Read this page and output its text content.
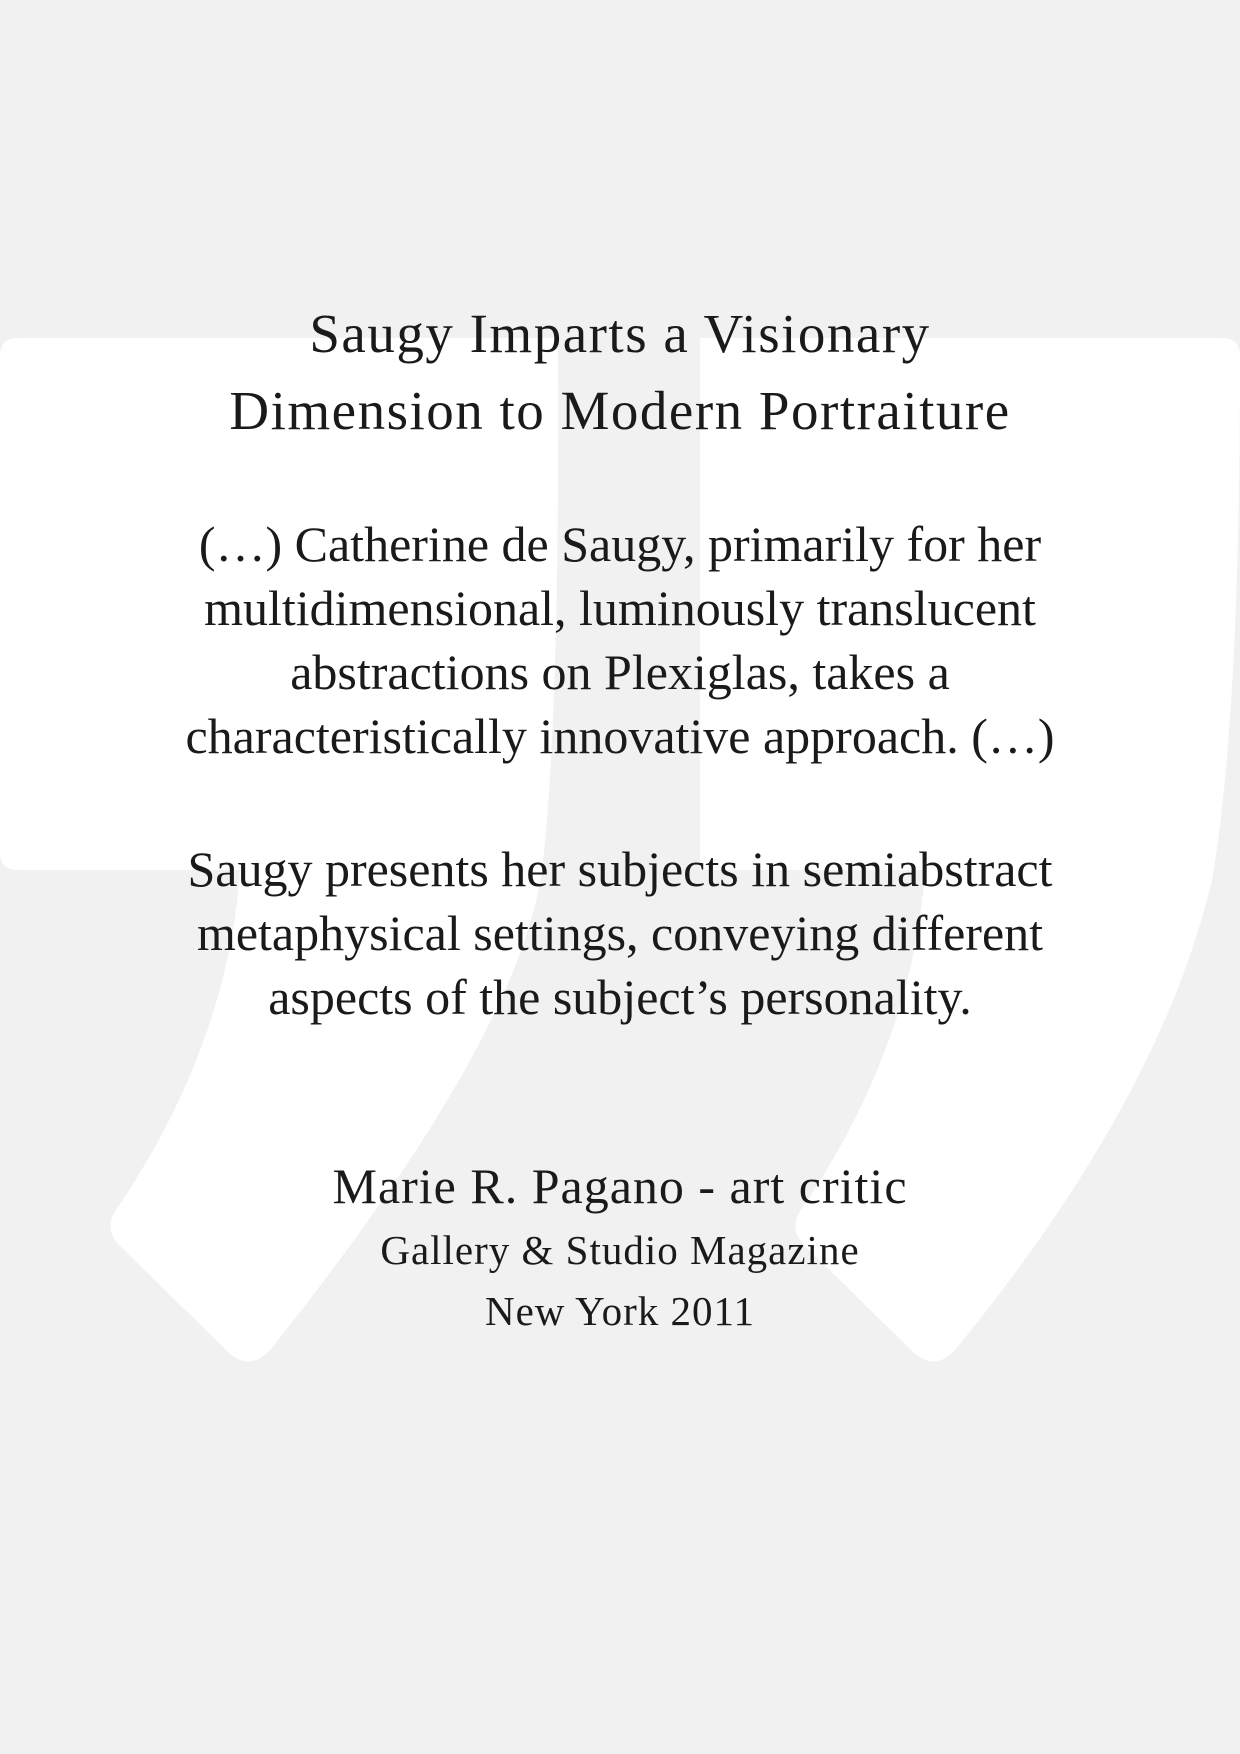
Saugy Imparts a Visionary
Dimension to Modern Portraiture
(…) Catherine de Saugy, primarily for her
multidimensional, luminously translucent
abstractions on Plexiglas, takes a
characteristically innovative approach. (…)
Saugy presents her subjects in semiabstract
metaphysical settings, conveying different
aspects of the subject’s personality.
Marie R. Pagano - art critic
Gallery & Studio Magazine
New York 2011
